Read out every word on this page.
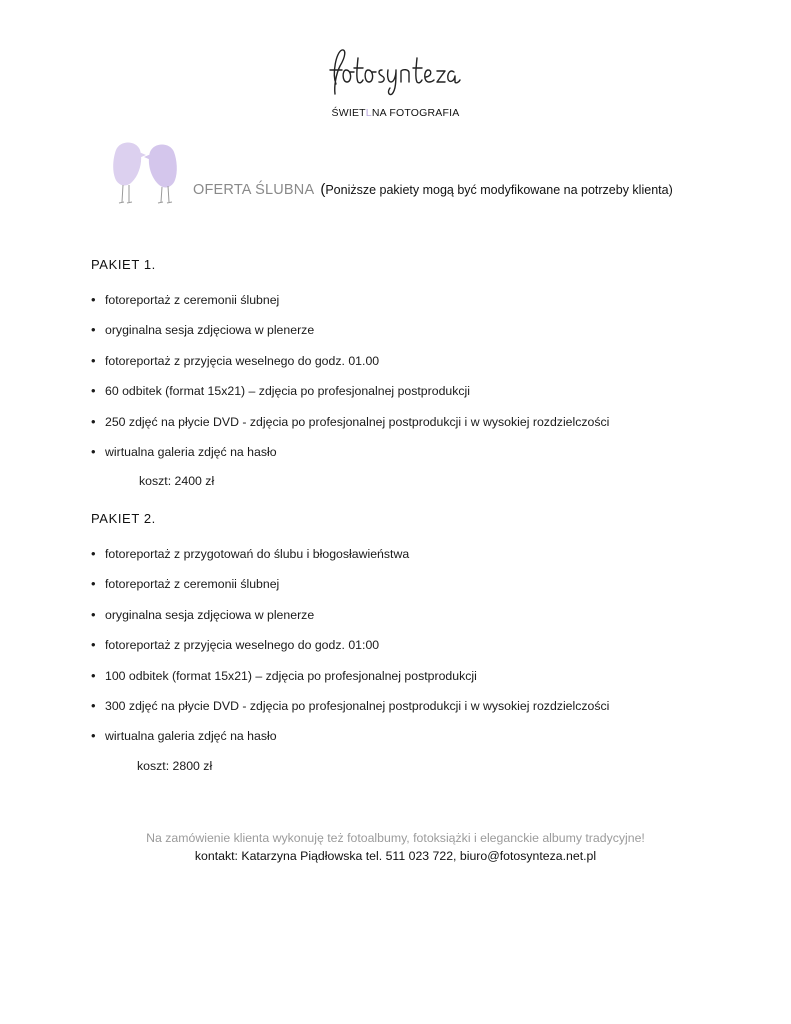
ŚWIETLNA FOTOGRAFIA
OFERTA ŚLUBNA (Poniższe pakiety mogą być modyfikowane na potrzeby klienta)
PAKIET 1.
• fotoreportaż z ceremonii ślubnej
• oryginalna sesja zdjęciowa w plenerze
• fotoreportaż z przyjęcia weselnego do godz. 01.00
• 60 odbitek (format 15x21) – zdjęcia po profesjonalnej postprodukcji
• 250 zdjęć na płycie DVD - zdjęcia po profesjonalnej postprodukcji i w wysokiej rozdzielczości
• wirtualna galeria zdjęć na hasło
koszt: 2400 zł
PAKIET 2.
• fotoreportaż z przygotowań do ślubu i błogosławieństwa
• fotoreportaż z ceremonii ślubnej
• oryginalna sesja zdjęciowa w plenerze
• fotoreportaż z przyjęcia weselnego do godz. 01:00
• 100 odbitek (format 15x21) – zdjęcia po profesjonalnej postprodukcji
• 300 zdjęć na płycie DVD - zdjęcia po profesjonalnej postprodukcji i w wysokiej rozdzielczości
• wirtualna galeria zdjęć na hasło
koszt: 2800 zł
Na zamówienie klienta wykonuję też fotoalbumy, fotoksiążki i eleganckie albumy tradycyjne!
kontakt: Katarzyna Piądłowska tel. 511 023 722, biuro@fotosynteza.net.pl
